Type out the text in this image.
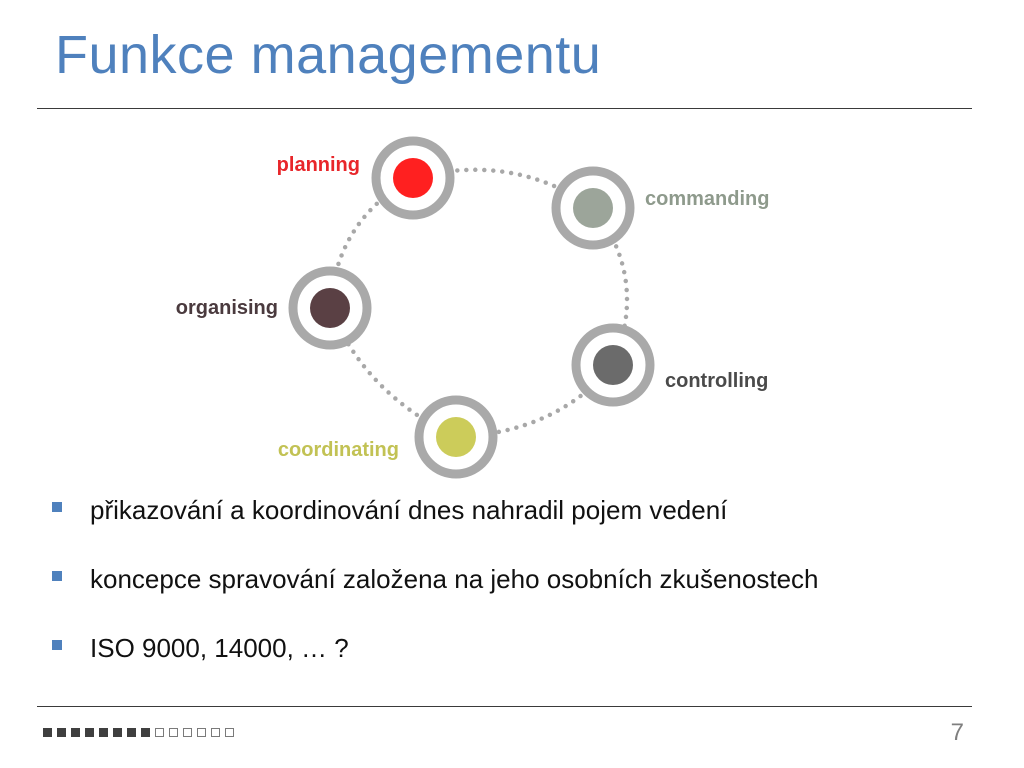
Funkce managementu
planning
commanding
controlling
coordinating
organising
přikazování a koordinování dnes nahradil pojem vedení
koncepce spravování založena na jeho osobních zkušenostech
ISO 9000, 14000, … ?
7
